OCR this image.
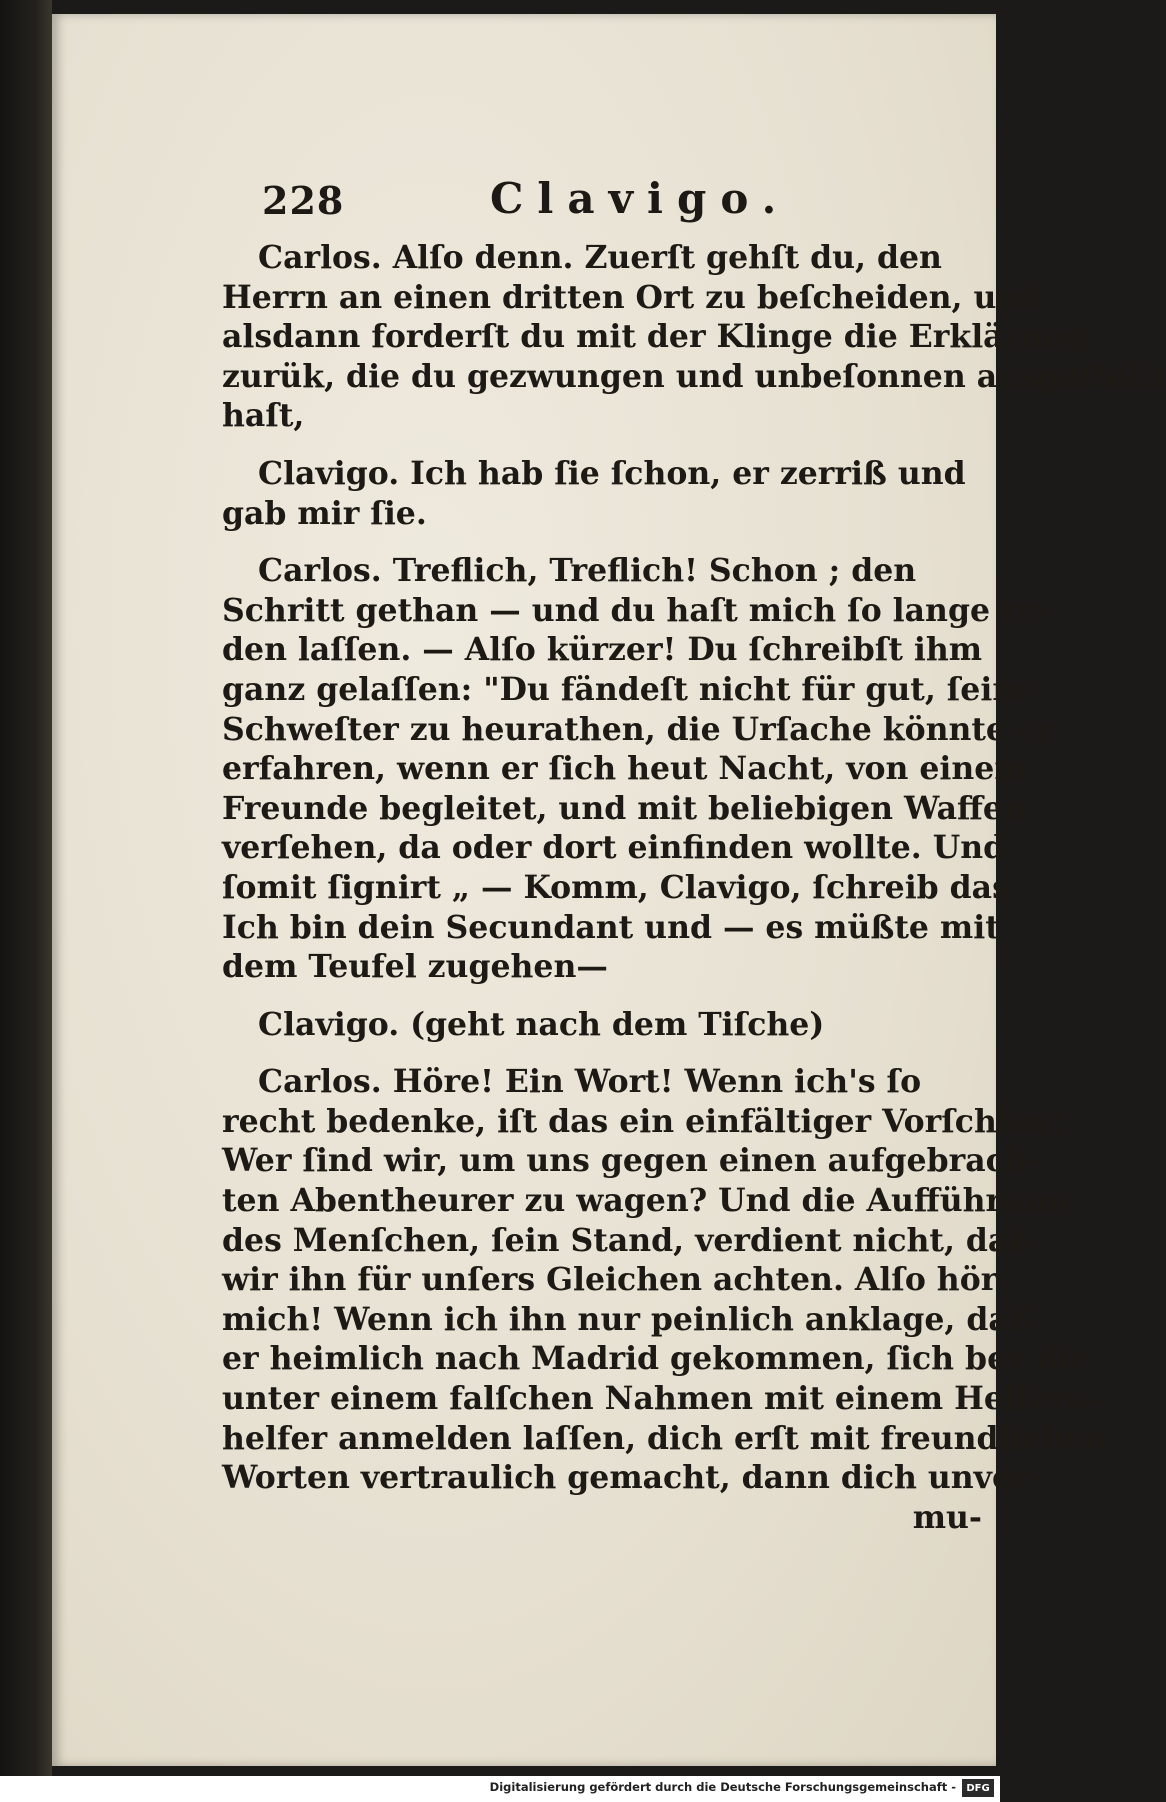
228	Clavigo.

Carlos. Alſo denn. Zuerſt gehſt du, den
Herrn an einen dritten Ort zu beſcheiden, und
alsdann forderſt du mit der Klinge die Erklärung
zurük, die du gezwungen und unbeſonnen ausgeſtellt
haſt,

Clavigo. Ich hab ſie ſchon, er zerriß und
gab mir ſie.

Carlos. Treflich, Treflich! Schon ; den
Schritt gethan — und du haſt mich ſo lange re-
den laſſen. — Alſo kürzer! Du ſchreibſt ihm
ganz gelaſſen: "Du fändeſt nicht für gut, ſeine
Schweſter zu heurathen, die Urſache könnte er
erfahren, wenn er ſich heut Nacht, von einem
Freunde begleitet, und mit beliebigen Waffen
verſehen, da oder dort einfinden wollte. Und
ſomit ſignirt „ — Komm, Clavigo, ſchreib das.
Ich bin dein Secundant und — es müßte mit
dem Teufel zugehen—

Clavigo. (geht nach dem Tiſche)

Carlos. Höre! Ein Wort! Wenn ich's ſo
recht bedenke, iſt das ein einfältiger Vorſchlag!
Wer ſind wir, um uns gegen einen aufgebrach-
ten Abentheurer zu wagen? Und die Aufführung
des Menſchen, ſein Stand, verdient nicht, daß
wir ihn für unſers Gleichen achten. Alſo hör
mich! Wenn ich ihn nur peinlich anklage, daß
er heimlich nach Madrid gekommen, ſich bey dir
unter einem falſchen Nahmen mit einem Helfers-
helfer anmelden laſſen, dich erſt mit freundlichen
Worten vertraulich gemacht, dann dich unver-

mu-
Digitalisierung gefördert durch die Deutsche Forschungsgemeinschaft -	DFG
